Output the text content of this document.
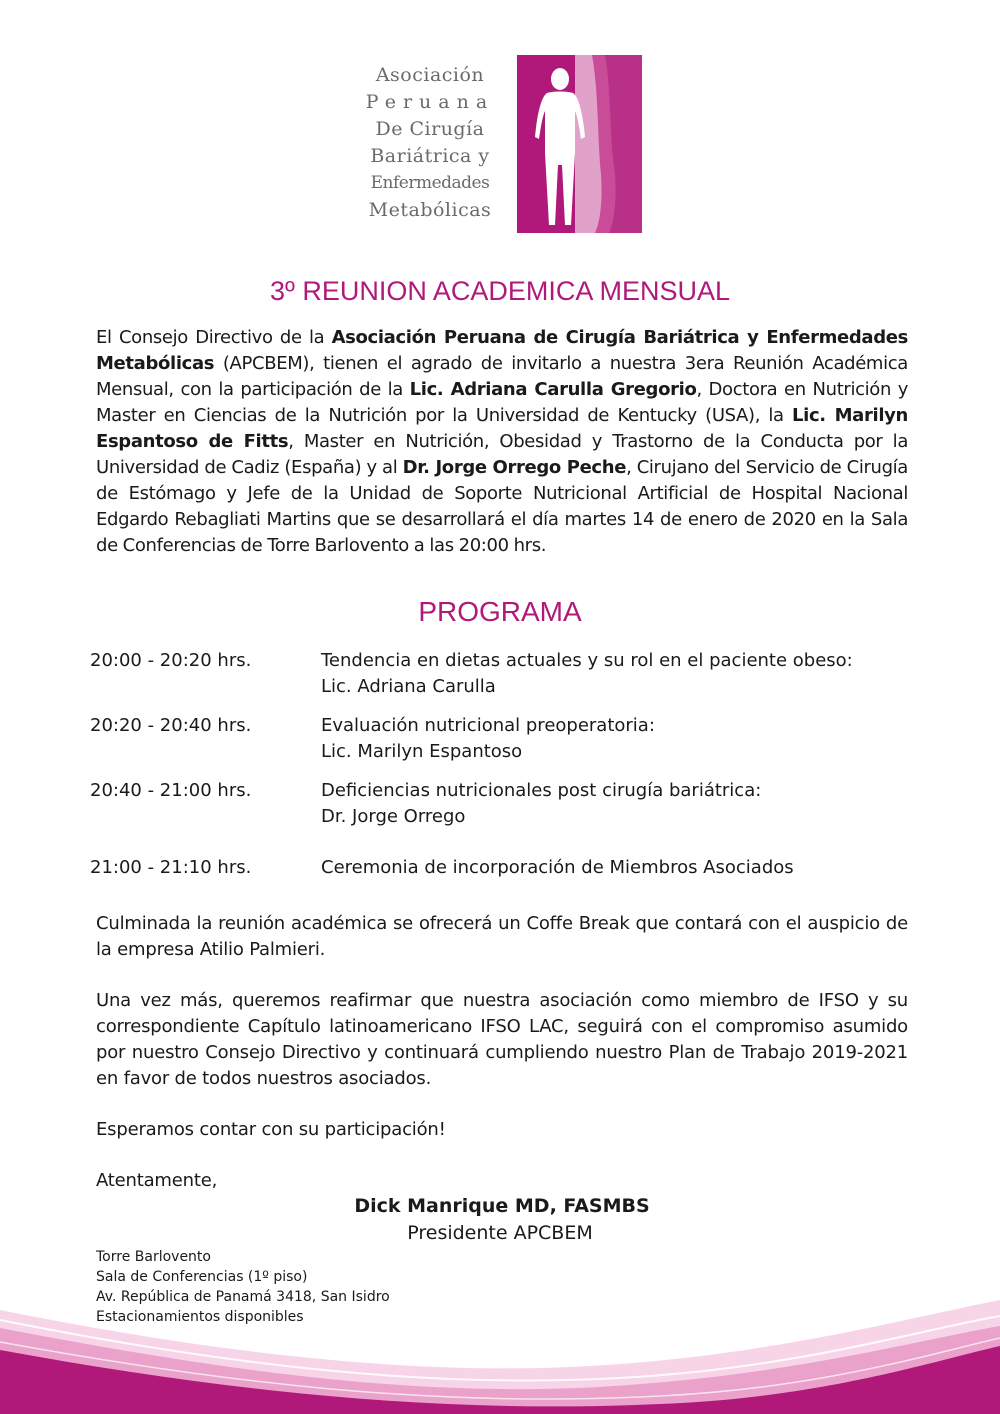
Asociación
Peruana
De Cirugía
Bariátrica y
Enfermedades
Metabólicas
3º REUNION ACADEMICA MENSUAL

El Consejo Directivo de la Asociación Peruana de Cirugía Bariátrica y Enfermedades Metabólicas (APCBEM), tienen el agrado de invitarlo a nuestra 3era Reunión Académica Mensual, con la participación de la Lic. Adriana Carulla Gregorio, Doctora en Nutrición y Master en Ciencias de la Nutrición por la Universidad de Kentucky (USA), la Lic. Marilyn Espantoso de Fitts, Master en Nutrición, Obesidad y Trastorno de la Conducta por la Universidad de Cadiz (España) y al Dr. Jorge Orrego Peche, Cirujano del Servicio de Cirugía de Estómago y Jefe de la Unidad de Soporte Nutricional Artificial de Hospital Nacional Edgardo Rebagliati Martins que se desarrollará el día martes 14 de enero de 2020 en la Sala de Conferencias de Torre Barlovento a las 20:00 hrs.

PROGRAMA
20:00 - 20:20 hrs.	Tendencia en dietas actuales y su rol en el paciente obeso:
Lic. Adriana Carulla
20:20 - 20:40 hrs.	Evaluación nutricional preoperatoria:
Lic. Marilyn Espantoso
20:40 - 21:00 hrs.	Deficiencias nutricionales post cirugía bariátrica:
Dr. Jorge Orrego
21:00 - 21:10 hrs.	Ceremonia de incorporación de Miembros Asociados

Culminada la reunión académica se ofrecerá un Coffe Break que contará con el auspicio de la empresa Atilio Palmieri.

Una vez más, queremos reafirmar que nuestra asociación como miembro de IFSO y su correspondiente Capítulo latinoamericano IFSO LAC, seguirá con el compromiso asumido por nuestro Consejo Directivo y continuará cumpliendo nuestro Plan de Trabajo 2019-2021 en favor de todos nuestros asociados.

Esperamos contar con su participación!

Atentamente,

Dick Manrique MD, FASMBS
Presidente APCBEM
Torre Barlovento
Sala de Conferencias (1º piso)
Av. República de Panamá 3418, San Isidro
Estacionamientos disponibles
